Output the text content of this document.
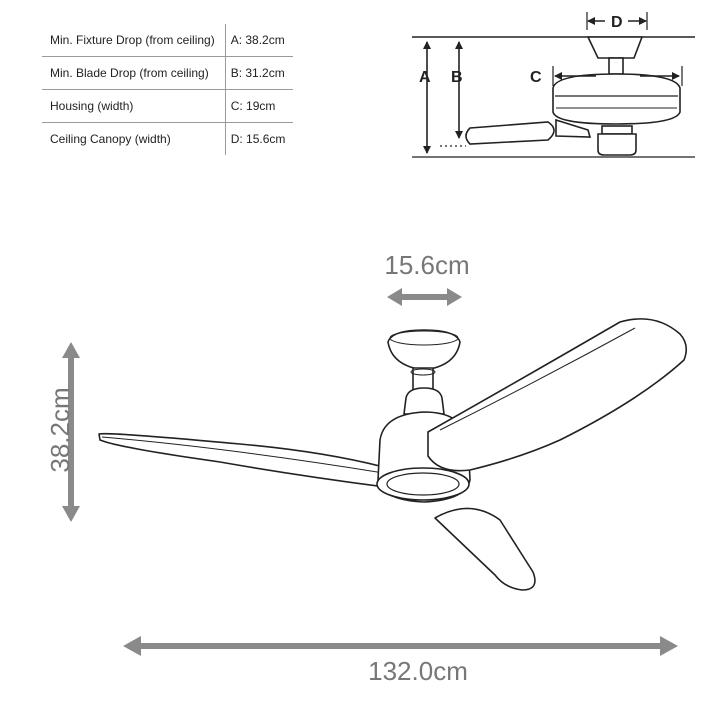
Min. Fixture Drop (from ceiling)	A: 38.2cm
Min. Blade Drop (from ceiling)	B: 31.2cm
Housing (width)	C: 19cm
Ceiling Canopy (width)	D: 15.6cm
A B	C
D
15.6cm
38.2cm
132.0cm
